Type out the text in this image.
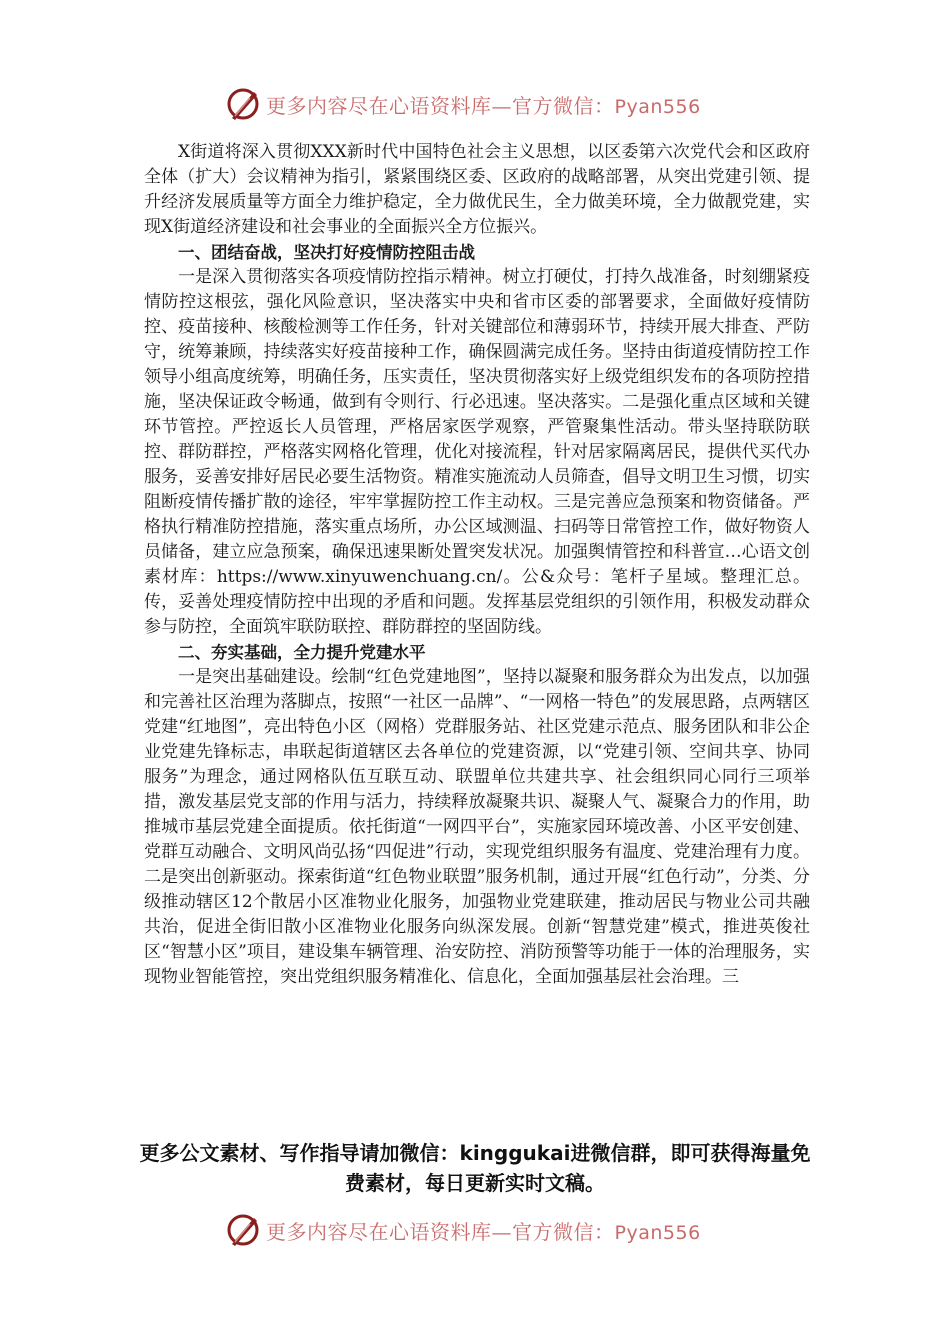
更多内容尽在心语资料库—官方微信：Pyan556

X街道将深入贯彻XXX新时代中国特色社会主义思想，以区委第六次党代会和区政府全体（扩大）会议精神为指引，紧紧围绕区委、区政府的战略部署，从突出党建引领、提升经济发展质量等方面全力维护稳定，全力做优民生，全力做美环境，全力做靓党建，实现X街道经济建设和社会事业的全面振兴全方位振兴。

一、团结奋战，坚决打好疫情防控阻击战

一是深入贯彻落实各项疫情防控指示精神。树立打硬仗，打持久战准备，时刻绷紧疫情防控这根弦，强化风险意识，坚决落实中央和省市区委的部署要求，全面做好疫情防控、疫苗接种、核酸检测等工作任务，针对关键部位和薄弱环节，持续开展大排查、严防守，统筹兼顾，持续落实好疫苗接种工作，确保圆满完成任务。坚持由街道疫情防控工作领导小组高度统筹，明确任务，压实责任，坚决贯彻落实好上级党组织发布的各项防控措施，坚决保证政令畅通，做到有令则行、行必迅速。坚决落实。二是强化重点区域和关键环节管控。严控返长人员管理，严格居家医学观察，严管聚集性活动。带头坚持联防联控、群防群控，严格落实网格化管理，优化对接流程，针对居家隔离居民，提供代买代办服务，妥善安排好居民必要生活物资。精准实施流动人员筛查，倡导文明卫生习惯，切实阻断疫情传播扩散的途径，牢牢掌握防控工作主动权。三是完善应急预案和物资储备。严格执行精准防控措施，落实重点场所，办公区域测温、扫码等日常管控工作，做好物资人员储备，建立应急预案，确保迅速果断处置突发状况。加强舆情管控和科普宣…心语文创素材库：https://www.xinyuwenchuang.cn/。公&众号：笔杆子星域。整理汇总。传，妥善处理疫情防控中出现的矛盾和问题。发挥基层党组织的引领作用，积极发动群众参与防控，全面筑牢联防联控、群防群控的坚固防线。

二、夯实基础，全力提升党建水平

一是突出基础建设。绘制“红色党建地图”，坚持以凝聚和服务群众为出发点，以加强和完善社区治理为落脚点，按照“一社区一品牌”、“一网格一特色”的发展思路，点两辖区党建“红地图”，亮出特色小区（网格）党群服务站、社区党建示范点、服务团队和非公企业党建先锋标志，串联起街道辖区去各单位的党建资源，以“党建引领、空间共享、协同服务”为理念，通过网格队伍互联互动、联盟单位共建共享、社会组织同心同行三项举措，激发基层党支部的作用与活力，持续释放凝聚共识、凝聚人气、凝聚合力的作用，助推城市基层党建全面提质。依托街道“一网四平台”，实施家园环境改善、小区平安创建、党群互动融合、文明风尚弘扬“四促进”行动，实现党组织服务有温度、党建治理有力度。二是突出创新驱动。探索街道“红色物业联盟”服务机制，通过开展“红色行动”，分类、分级推动辖区12个散居小区准物业化服务，加强物业党建联建，推动居民与物业公司共融共治，促进全街旧散小区准物业化服务向纵深发展。创新“智慧党建”模式，推进英俊社区“智慧小区”项目，建设集车辆管理、治安防控、消防预警等功能于一体的治理服务，实现物业智能管控，突出党组织服务精准化、信息化，全面加强基层社会治理。三

更多公文素材、写作指导请加微信：kinggukai进微信群，即可获得海量免费素材，每日更新实时文稿。
更多内容尽在心语资料库—官方微信：Pyan556
